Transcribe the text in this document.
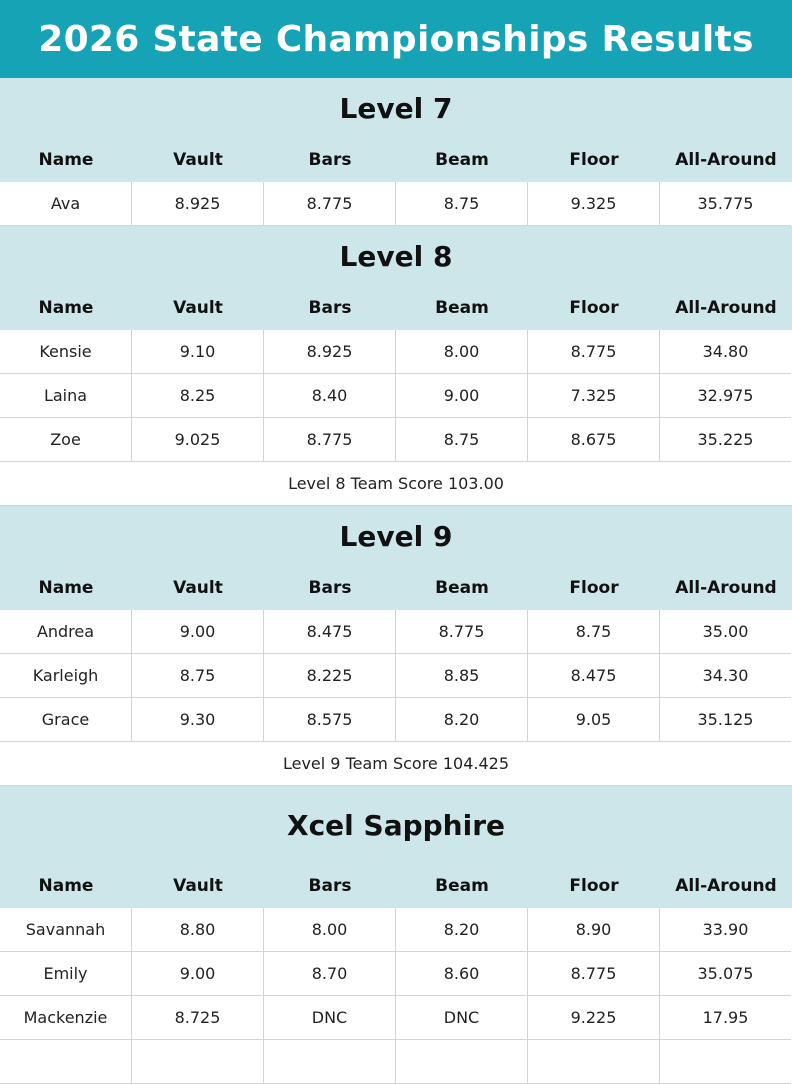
2026 State Championships Results
Level 7
Name	Vault	Bars	Beam	Floor	All-Around
Ava	8.925	8.775	8.75	9.325	35.775
Level 8
Name	Vault	Bars	Beam	Floor	All-Around
Kensie	9.10	8.925	8.00	8.775	34.80
Laina	8.25	8.40	9.00	7.325	32.975
Zoe	9.025	8.775	8.75	8.675	35.225
Level 8 Team Score 103.00
Level 9
Name	Vault	Bars	Beam	Floor	All-Around
Andrea	9.00	8.475	8.775	8.75	35.00
Karleigh	8.75	8.225	8.85	8.475	34.30
Grace	9.30	8.575	8.20	9.05	35.125
Level 9 Team Score 104.425
Xcel Sapphire
Name	Vault	Bars	Beam	Floor	All-Around
Savannah	8.80	8.00	8.20	8.90	33.90
Emily	9.00	8.70	8.60	8.775	35.075
Mackenzie	8.725	DNC	DNC	9.225	17.95
